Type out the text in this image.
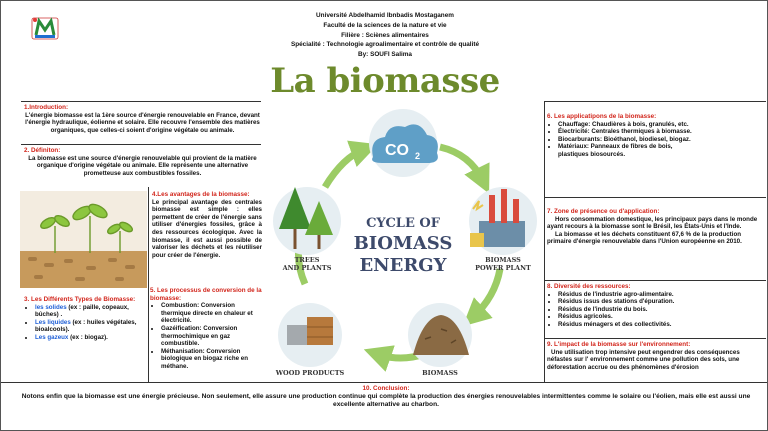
Université Abdelhamid Ibnbadis Mostaganem
Faculté de la sciences de la nature et vie
Filière : Sciènes alimentaires
Spécialité : Technologie agroalimentaire et contrôle de qualité
By: SOUFI Salima
La biomasse
1.Introduction:
L'énergie biomasse est la 1ère source d'énergie renouvelable en France, devant l'énergie hydraulique, éolienne et solaire. Elle recouvre l'ensemble des matières organiques, que celles-ci soient d'origine végétale ou animale.
2. Définiton:
La biomasse est une source d'énergie renouvelable qui provient de la matière organique d'origine végétale ou animale. Elle représente une alternative prometteuse aux combustibles fossiles.
3. Les Différents Types de Biomasse:
• les solides (ex : paille, copeaux, bûches) .
• Les liquides (ex : huiles végétales, bioalcools).
• Les gazeux (ex : biogaz).
4.Les avantages de la biomasse:
Le principal avantage des centrales biomasse est simple : elles permettent de créer de l'énergie sans utiliser d'énergies fossiles, grâce à des ressources écologique. Avec la biomasse, il est aussi possible de valoriser les déchets et les réutiliser pour créer de l'énergie.
5. Les processus de conversion de la biomasse:
• Combustion: Conversion thermique directe en chaleur et électricité.
• Gazéification: Conversion thermochimique en gaz combustible.
• Méthanisation: Conversion biologique en biogaz riche en méthane.
CO 2
TREES
AND PLANTS
BIOMASS
POWER PLANT
WOOD PRODUCTS	BIOMASS
CYCLE OF
BIOMASS
ENERGY
6. Les applicatipons de la biomasse:
• Chauffage: Chaudières à bois, granulés, etc.
• Électricité: Centrales thermiques à biomasse.
• Biocarburants: Bioéthanol, biodiesel, biogaz.
• Matériaux: Panneaux de fibres de bois, plastiques biosourcés.
7. Zone de présence ou d'application:
Hors consommation domestique, les principaux pays dans le monde ayant recours à la biomasse sont le Brésil, les États-Unis et l'Inde.
La biomasse et les déchets constituent 67,6 % de la production primaire d'énergie renouvelable dans l'Union européenne en 2010.
8. Diversité des ressources:
• Résidus de l'industrie agro-alimentaire.
• Résidus issus des stations d'épuration.
• Résidus de l'industrie du bois.
• Résidus agricoles.
• Résidus ménagers et des collectivités.
9. L'impact de la biomasse sur l'environnement:
Une utilisation trop intensive peut engendrer des conséquences néfastes sur l' environnement comme une pollution des sols, une déforestation accrue ou des phénomènes d'érosion
10. Conclusion:
Notons enfin que la biomasse est une énergie précieuse. Non seulement, elle assure une production continue qui complète la production des énergies renouvelables intermittentes comme le solaire ou l'éolien, mais elle est aussi une excellente alternative au charbon.
